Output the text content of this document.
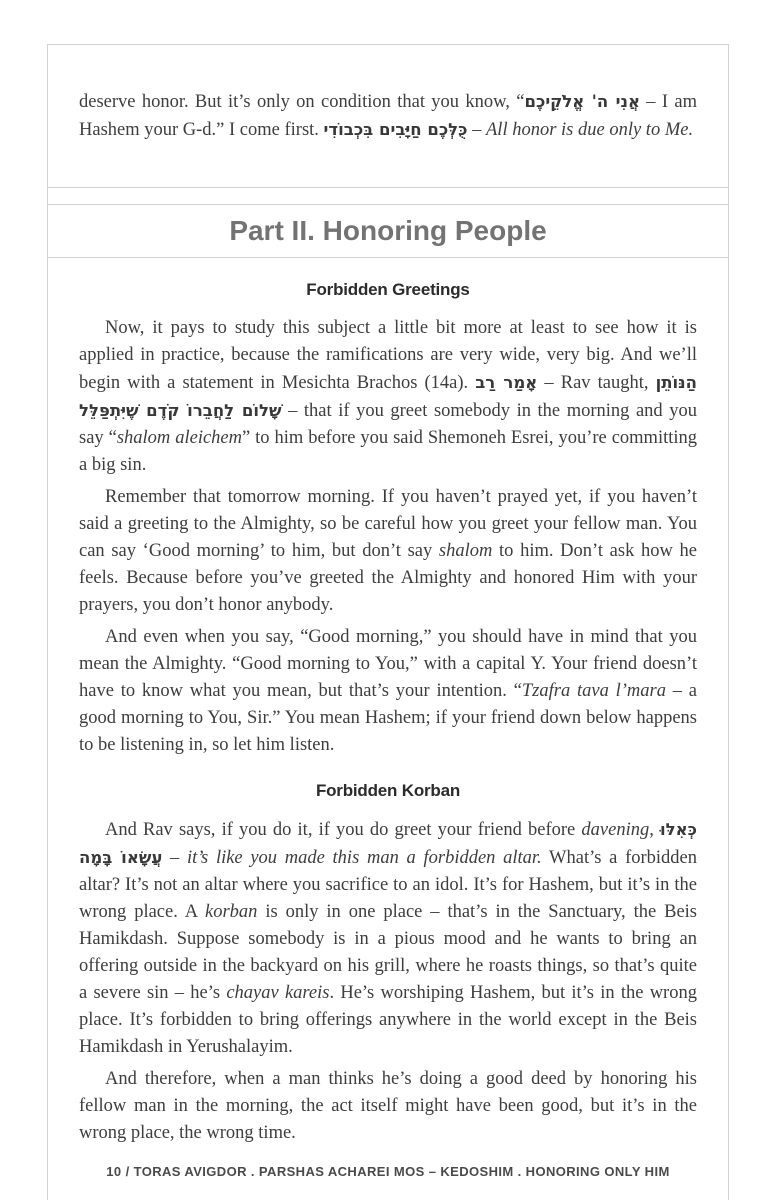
deserve honor. But it’s only on condition that you know, “אֲנִי ה' אֱלֹקֵיכֶם – I am Hashem your G-d.” I come first. כֻּלְּכֶם חַיָּבִים בִּכְבוֹדִי – All honor is due only to Me.

Part II. Honoring People
Forbidden Greetings

Now, it pays to study this subject a little bit more at least to see how it is applied in practice, because the ramifications are very wide, very big. And we’ll begin with a statement in Mesichta Brachos (14a). אָמַר רַב – Rav taught, הַנּוֹתֵן שָׁלוֹם לַחֲבֵרוֹ קֹדֶם שֶׁיִּתְפַּלֵּל – that if you greet somebody in the morning and you say “shalom aleichem” to him before you said Shemoneh Esrei, you’re committing a big sin.

Remember that tomorrow morning. If you haven’t prayed yet, if you haven’t said a greeting to the Almighty, so be careful how you greet your fellow man. You can say ‘Good morning’ to him, but don’t say shalom to him. Don’t ask how he feels. Because before you’ve greeted the Almighty and honored Him with your prayers, you don’t honor anybody.

And even when you say, “Good morning,” you should have in mind that you mean the Almighty. “Good morning to You,” with a capital Y. Your friend doesn’t have to know what you mean, but that’s your intention. “Tzafra tava l’mara – a good morning to You, Sir.” You mean Hashem; if your friend down below happens to be listening in, so let him listen.

Forbidden Korban

And Rav says, if you do it, if you do greet your friend before davening, כְּאִלּוּ עֲשָׂאוֹ בָּמָה – it’s like you made this man a forbidden altar. What’s a forbidden altar? It’s not an altar where you sacrifice to an idol. It’s for Hashem, but it’s in the wrong place. A korban is only in one place – that’s in the Sanctuary, the Beis Hamikdash. Suppose somebody is in a pious mood and he wants to bring an offering outside in the backyard on his grill, where he roasts things, so that’s quite a severe sin – he’s chayav kareis. He’s worshiping Hashem, but it’s in the wrong place. It’s forbidden to bring offerings anywhere in the world except in the Beis Hamikdash in Yerushalayim.

And therefore, when a man thinks he’s doing a good deed by honoring his fellow man in the morning, the act itself might have been good, but it’s in the wrong place, the wrong time.

10 / TORAS AVIGDOR . PARSHAS ACHAREI MOS – KEDOSHIM . HONORING ONLY HIM
